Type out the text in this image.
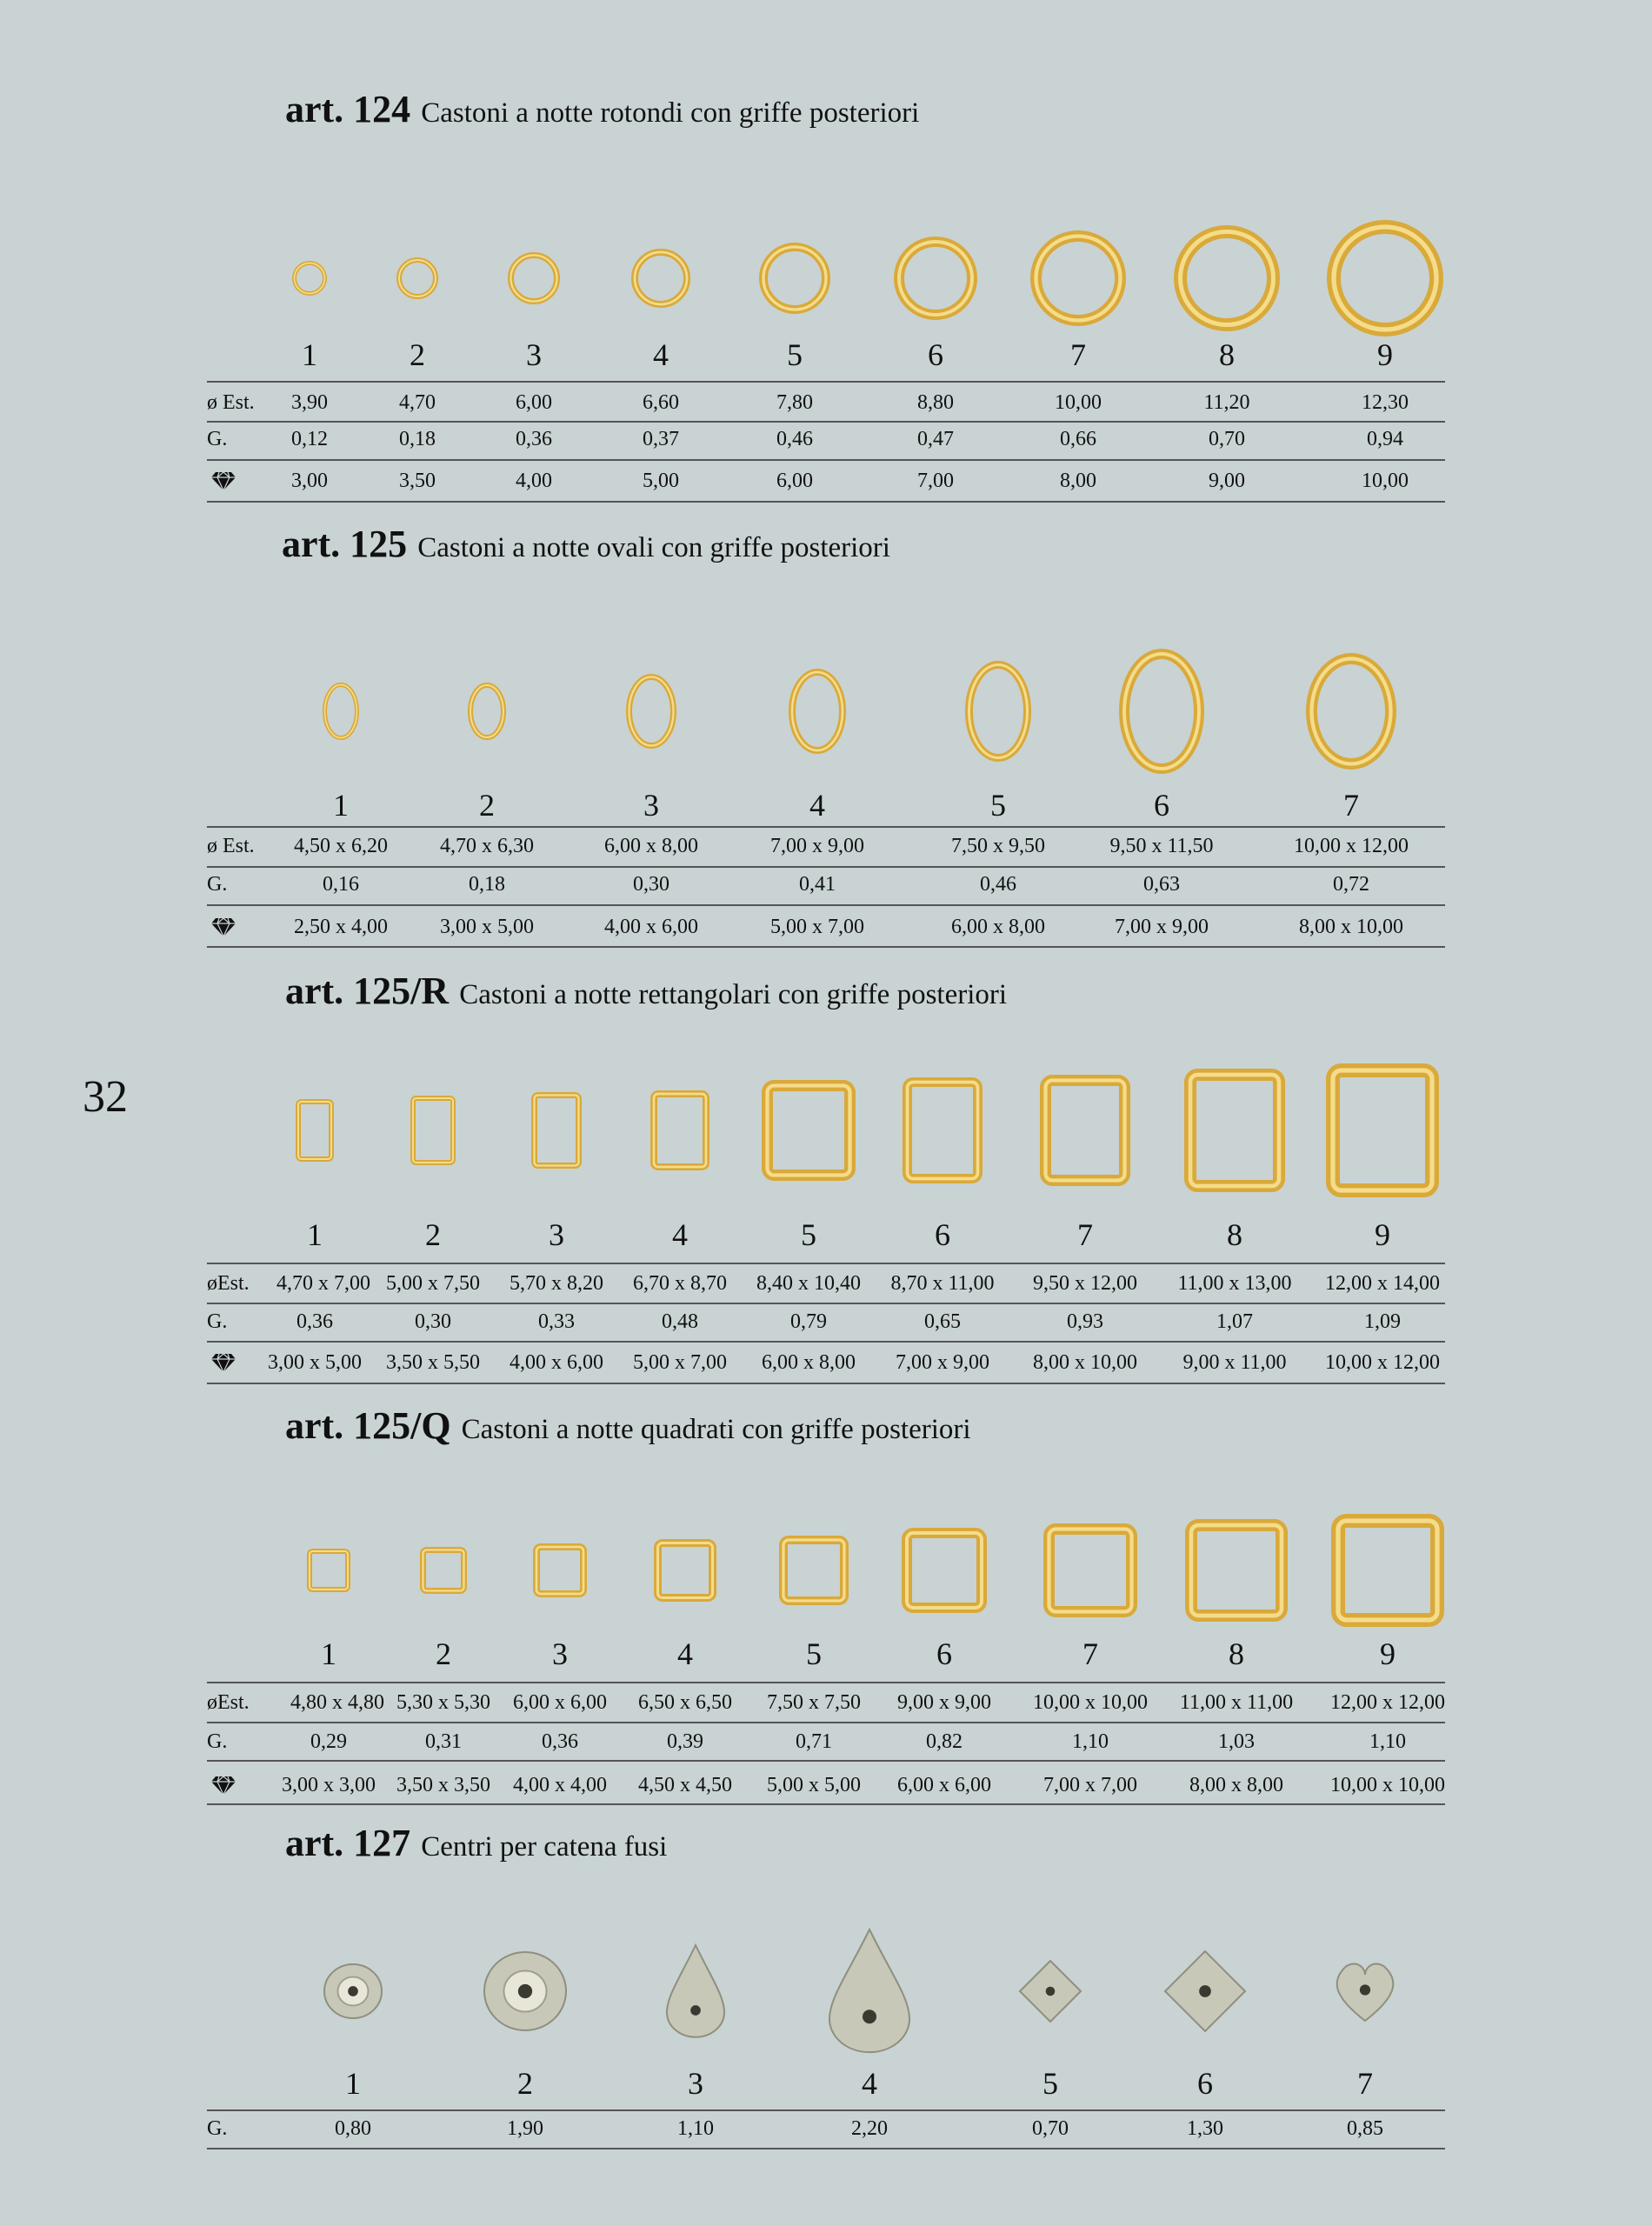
32
art. 124 Castoni a notte rotondi con griffe posteriori
1	2	3	4	5	6	7	8	9
ø Est. 3,90	4,70	6,00	6,60	7,80	8,80	10,00	11,20	12,30
G.	0,12	0,18	0,36	0,37	0,46	0,47	0,66	0,70	0,94
3,00	3,50	4,00	5,00	6,00	7,00	8,00	9,00	10,00
art. 125 Castoni a notte ovali con griffe posteriori
1	2	3	4	5	6	7
ø Est. 4,50 x 6,20	4,70 x 6,30	6,00 x 8,00	7,00 x 9,00	7,50 x 9,50	9,50 x 11,50	10,00 x 12,00
G.	0,16	0,18	0,30	0,41	0,46	0,63	0,72
2,50 x 4,00	3,00 x 5,00	4,00 x 6,00	5,00 x 7,00	6,00 x 8,00	7,00 x 9,00	8,00 x 10,00
art. 125/R Castoni a notte rettangolari con griffe posteriori
1	2	3	4	5	6	7	8	9
øEst. 4,70 x 7,00 5,00 x 7,50 5,70 x 8,20 6,70 x 8,70 8,40 x 10,40 8,70 x 11,00 9,50 x 12,00 11,00 x 13,00 12,00 x 14,00
G.	0,36	0,30	0,33	0,48	0,79	0,65	0,93	1,07	1,09
3,00 x 5,00 3,50 x 5,50 4,00 x 6,00 5,00 x 7,00 6,00 x 8,00 7,00 x 9,00 8,00 x 10,00 9,00 x 11,00 10,00 x 12,00
art. 125/Q Castoni a notte quadrati con griffe posteriori
1	2	3	4	5	6	7	8	9
øEst. 4,80 x 4,80 5,30 x 5,30 6,00 x 6,00 6,50 x 6,50 7,50 x 7,50 9,00 x 9,00 10,00 x 10,00 11,00 x 11,00 12,00 x 12,00
G.	0,29	0,31	0,36	0,39	0,71	0,82	1,10	1,03	1,10
3,00 x 3,00 3,50 x 3,50 4,00 x 4,00 4,50 x 4,50 5,00 x 5,00 6,00 x 6,00	7,00 x 7,00	8,00 x 8,00 10,00 x 10,00
art. 127 Centri per catena fusi
1	2	3	4	5	6	7
G.	0,80	1,90	1,10	2,20	0,70	1,30	0,85
